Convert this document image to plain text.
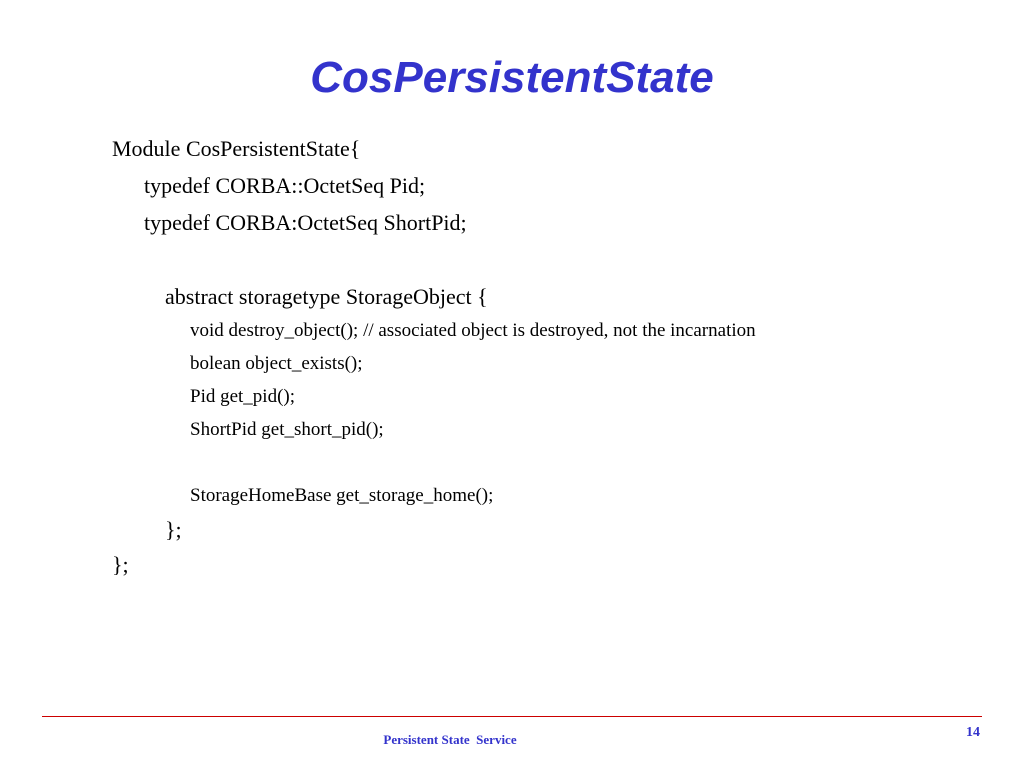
CosPersistentState
Module CosPersistentState{
typedef CORBA::OctetSeq Pid;
typedef CORBA:OctetSeq ShortPid;
abstract storagetype StorageObject {
void destroy_object(); // associated object is destroyed, not the incarnation
bolean object_exists();
Pid get_pid();
ShortPid get_short_pid();
StorageHomeBase get_storage_home();
};
};
Persistent State  Service	14
